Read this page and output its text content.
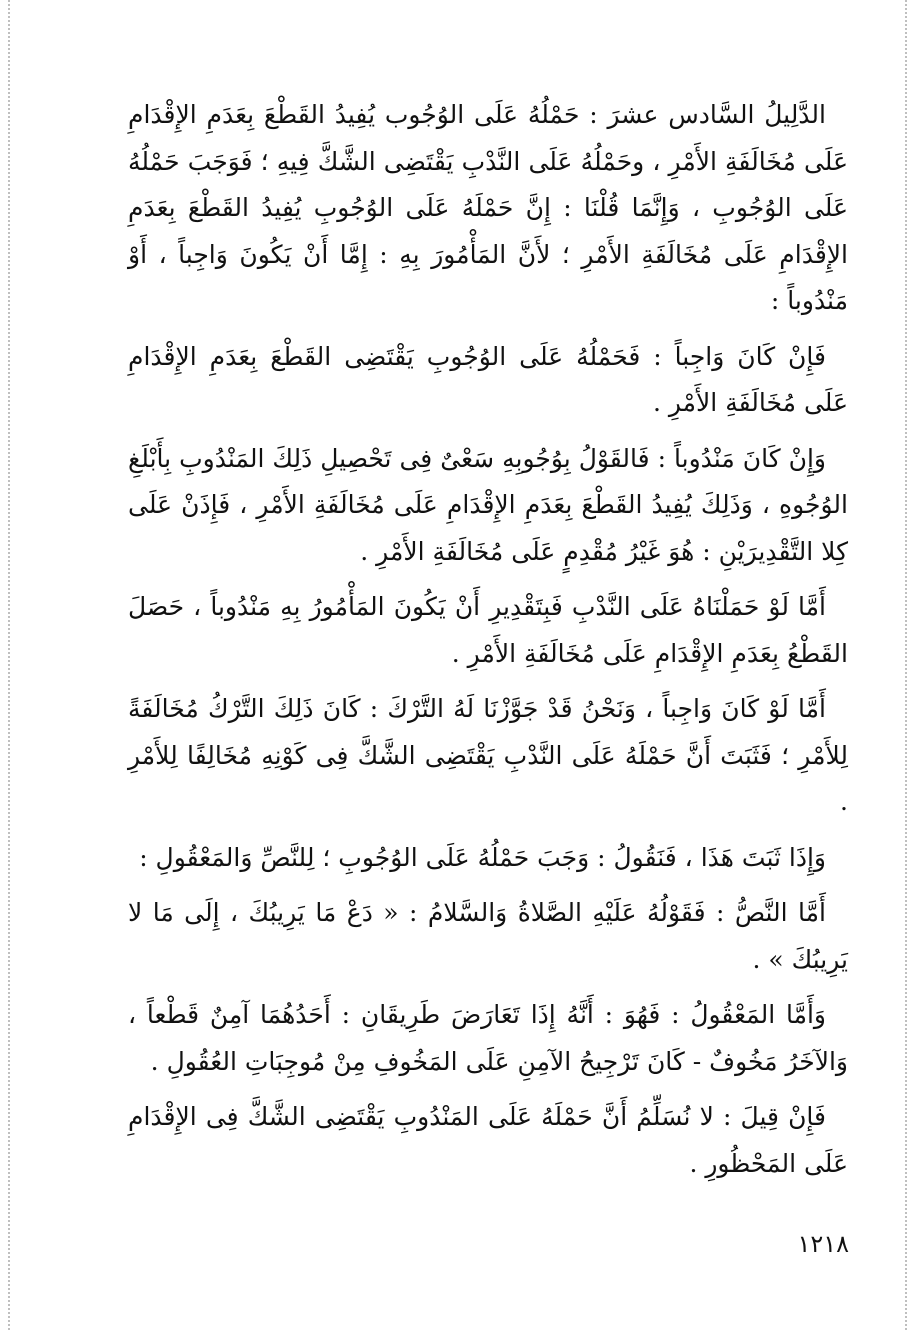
الدَّلِيلُ السَّادس عشرَ : حَمْلُهُ عَلَى الوُجُوب يُفِيدُ القَطْعَ بِعَدَمِ الإِقْدَامِ عَلَى مُخَالَفَةِ الأَمْرِ ، وحَمْلُهُ عَلَى النَّدْبِ يَقْتَضِى الشَّكَّ فِيهِ ؛ فَوَجَبَ حَمْلُهُ عَلَى الوُجُوبِ ، وَإِنَّمَا قُلْنَا : إِنَّ حَمْلَهُ عَلَى الوُجُوبِ يُفِيدُ القَطْعَ بِعَدَمِ الإِقْدَامِ عَلَى مُخَالَفَةِ الأَمْرِ ؛ لأَنَّ المَأْمُورَ بِهِ : إِمَّا أَنْ يَكُونَ وَاجِباً ، أَوْ مَنْدُوباً :

فَإِنْ كَانَ وَاجِباً : فَحَمْلُهُ عَلَى الوُجُوبِ يَقْتَضِى القَطْعَ بِعَدَمِ الإِقْدَامِ عَلَى مُخَالَفَةِ الأَمْرِ .

وَإِنْ كَانَ مَنْدُوباً : فَالقَوْلُ بِوُجُوبِهِ سَعْىٌ فِى تَحْصِيلِ ذَلِكَ المَنْدُوبِ بِأَبْلَغِ الوُجُوهِ ، وَذَلِكَ يُفِيدُ القَطْعَ بِعَدَمِ الإِقْدَامِ عَلَى مُخَالَفَةِ الأَمْرِ ، فَإِذَنْ عَلَى كِلا التَّقْدِيرَيْنِ : هُوَ غَيْرُ مُقْدِمٍ عَلَى مُخَالَفَةِ الأَمْرِ .

أَمَّا لَوْ حَمَلْنَاهُ عَلَى النَّدْبِ فَبِتَقْدِيرِ أَنْ يَكُونَ المَأْمُورُ بِهِ مَنْدُوباً ، حَصَلَ القَطْعُ بِعَدَمِ الإِقْدَامِ عَلَى مُخَالَفَةِ الأَمْرِ .

أَمَّا لَوْ كَانَ وَاجِباً ، وَنَحْنُ قَدْ جَوَّزْنَا لَهُ التَّرْكَ : كَانَ ذَلِكَ التَّرْكُ مُخَالَفَةً لِلأَمْرِ ؛ فَثَبَتَ أَنَّ حَمْلَهُ عَلَى النَّدْبِ يَقْتَضِى الشَّكَّ فِى كَوْنِهِ مُخَالِفًا لِلأَمْرِ .

وَإِذَا ثَبَتَ هَذَا ، فَنَقُولُ : وَجَبَ حَمْلُهُ عَلَى الوُجُوبِ ؛ لِلنَّصِّ وَالمَعْقُولِ :

أَمَّا النَّصُّ : فَقَوْلُهُ عَلَيْهِ الصَّلاةُ وَالسَّلامُ : « دَعْ مَا يَرِيبُكَ ، إِلَى مَا لا يَرِيبُكَ » .

وَأَمَّا المَعْقُولُ : فَهُوَ : أَنَّهُ إِذَا تَعَارَضَ طَرِيقَانِ : أَحَدُهُمَا آمِنٌ قَطْعاً ، وَالآخَرُ مَخُوفٌ - كَانَ تَرْجِيحُ الآمِنِ عَلَى المَخُوفِ مِنْ مُوجِبَاتِ العُقُولِ .

فَإِنْ قِيلَ : لا نُسَلِّمُ أَنَّ حَمْلَهُ عَلَى المَنْدُوبِ يَقْتَضِى الشَّكَّ فِى الإِقْدَامِ عَلَى المَحْظُورِ .

١٢١٨
